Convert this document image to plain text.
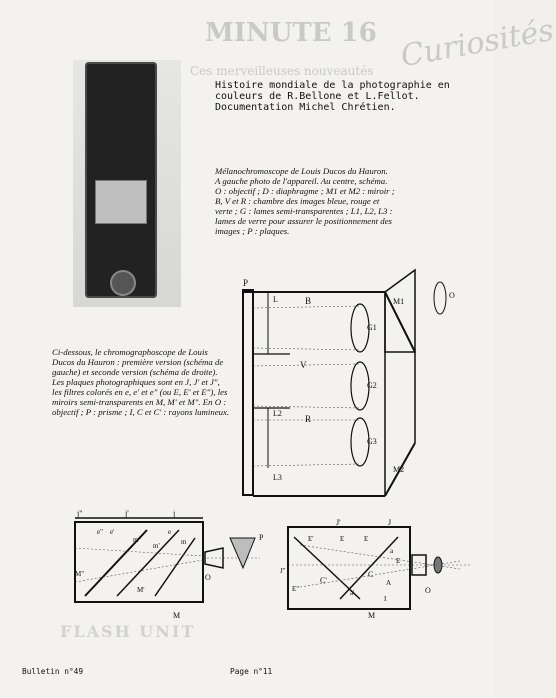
MINUTE 16 Curiosités
Ces merveilleuses nouveautés
FLASH UNIT
Histoire mondiale de la photographie en couleurs de R.Bellone et L.Fellot. Documentation Michel Chrétien.
Mélanochromoscope de Louis Ducos du Hauron. A gauche photo de l'appareil. Au centre, schéma. O : objectif ; D : diaphragme ; M1 et M2 : miroir ; B, V et R : chambre des images bleue, rouge et verte ; G : lames semi-transparentes ; L1, L2, L3 : lames de verre pour assurer le positionnement des images ; P : plaques.
Ci-dessous, le chromographoscope de Louis Ducos du Hauron : première version (schéma de gauche) et seconde version (schéma de droite). Les plaques photographiques sont en J, J' et J", les filtres colorés en e, e' et e" (ou E, E' et E"), les miroirs semi-transparents en M, M' et M". En O : objectif ; P : prisme ; I, C et C' : rayons lumineux.
P
L	B	M1
O
G1
V
L2
G2
R
L3
G3
M2
j"	j'	j
e" e'	e
m"
m'	m
M"
M'
O
P
M
J'	J
E'	E	E
J"
E"
C'
C
a'
a
E
A
O
I
M
Bulletin n°49	Page n°11
